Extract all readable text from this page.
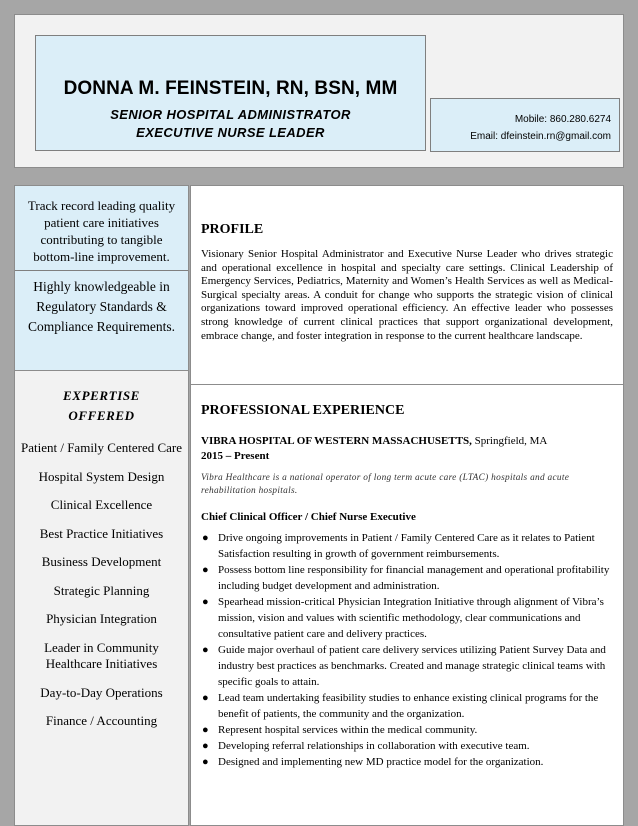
DONNA M. FEINSTEIN, RN, BSN, MM
SENIOR HOSPITAL ADMINISTRATOR
EXECUTIVE NURSE LEADER
Mobile: 860.280.6274
Email: dfeinstein.rn@gmail.com
Track record leading quality patient care initiatives contributing to tangible bottom-line improvement.
Highly knowledgeable in Regulatory Standards & Compliance Requirements.
EXPERTISE
OFFERED
Patient / Family Centered Care
Hospital System Design
Clinical Excellence
Best Practice Initiatives
Business Development
Strategic Planning
Physician Integration
Leader in Community Healthcare Initiatives
Day-to-Day Operations
Finance / Accounting
PROFILE
Visionary Senior Hospital Administrator and Executive Nurse Leader who drives strategic and operational excellence in hospital and specialty care settings. Clinical Leadership of Emergency Services, Pediatrics, Maternity and Women’s Health Services as well as Medical-Surgical specialty areas. A conduit for change who supports the strategic vision of clinical organizations toward improved operational efficiency. An effective leader who possesses strong knowledge of current clinical practices that support organizational development, embrace change, and foster integration in response to the current healthcare landscape.
PROFESSIONAL EXPERIENCE
VIBRA HOSPITAL OF WESTERN MASSACHUSETTS, Springfield, MA
2015 – Present
Vibra Healthcare is a national operator of long term acute care (LTAC) hospitals and acute rehabilitation hospitals.
Chief Clinical Officer / Chief Nurse Executive
● Drive ongoing improvements in Patient / Family Centered Care as it relates to Patient Satisfaction resulting in growth of government reimbursements.
● Possess bottom line responsibility for financial management and operational profitability including budget development and administration.
● Spearhead mission-critical Physician Integration Initiative through alignment of Vibra’s mission, vision and values with scientific methodology, clear communications and consultative patient care and delivery practices.
● Guide major overhaul of patient care delivery services utilizing Patient Survey Data and industry best practices as benchmarks. Created and manage strategic clinical teams with specific goals to attain.
● Lead team undertaking feasibility studies to enhance existing clinical programs for the benefit of patients, the community and the organization.
● Represent hospital services within the medical community.
● Developing referral relationships in collaboration with executive team.
● Designed and implementing new MD practice model for the organization.
